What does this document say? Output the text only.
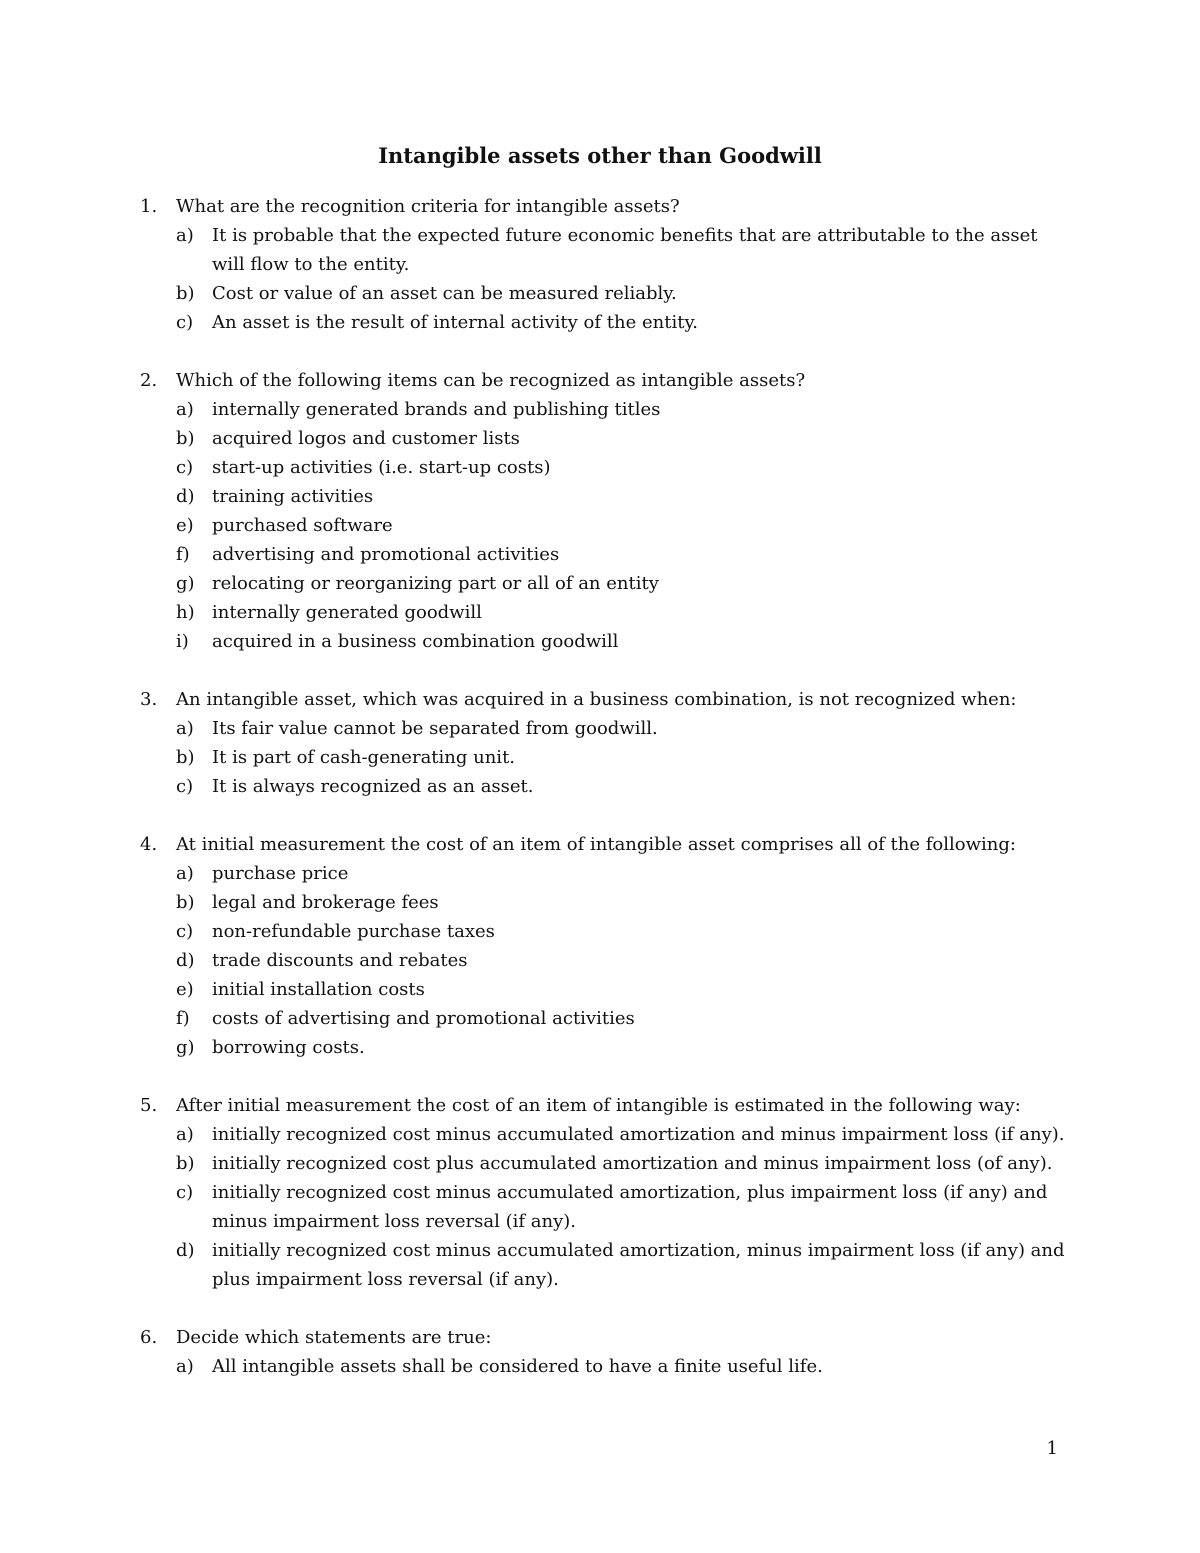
Intangible assets other than Goodwill
1.	What are the recognition criteria for intangible assets?
a)	It is probable that the expected future economic benefits that are attributable to the asset will flow to the entity.
b) Cost or value of an asset can be measured reliably.
c)	An asset is the result of internal activity of the entity.
2.	Which of the following items can be recognized as intangible assets?
a)	internally generated brands and publishing titles
b) acquired logos and customer lists
c)	start-up activities (i.e. start-up costs)
d) training activities
e)	purchased software
f)	advertising and promotional activities
g) relocating or reorganizing part or all of an entity
h) internally generated goodwill
i)	acquired in a business combination goodwill
3.	An intangible asset, which was acquired in a business combination, is not recognized when:
a)	Its fair value cannot be separated from goodwill.
b) It is part of cash-generating unit.
c)	It is always recognized as an asset.
4.	At initial measurement the cost of an item of intangible asset comprises all of the following:
a)	purchase price
b) legal and brokerage fees
c)	non-refundable purchase taxes
d) trade discounts and rebates
e)	initial installation costs
f)	costs of advertising and promotional activities
g) borrowing costs.
5.	After initial measurement the cost of an item of intangible is estimated in the following way:
a)	initially recognized cost minus accumulated amortization and minus impairment loss (if any).
b) initially recognized cost plus accumulated amortization and minus impairment loss (of any).
c)	initially recognized cost minus accumulated amortization, plus impairment loss (if any) and minus impairment loss reversal (if any).
d) initially recognized cost minus accumulated amortization, minus impairment loss (if any) and plus impairment loss reversal (if any).
6.	Decide which statements are true:
a)	All intangible assets shall be considered to have a finite useful life.
1
